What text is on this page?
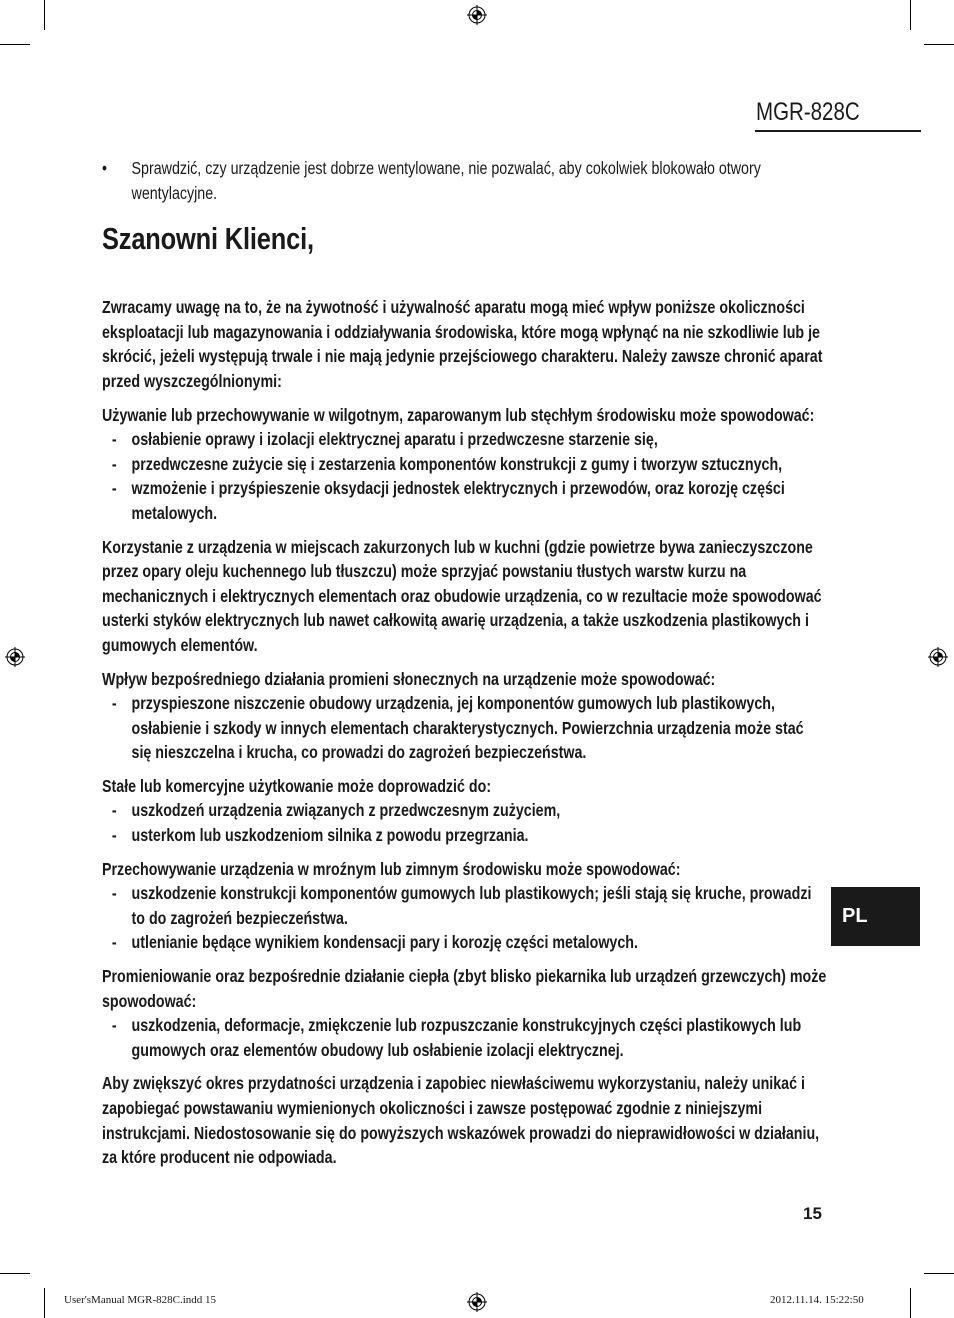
MGR-828C
PL
•	Sprawdzić, czy urządzenie jest dobrze wentylowane, nie pozwalać, aby cokolwiek blokowało otwory wentylacyjne.
Szanowni Klienci,
Zwracamy uwagę na to, że na żywotność i używalność aparatu mogą mieć wpływ poniższe okoliczności eksploatacji lub magazynowania i oddziaływania środowiska, które mogą wpłynąć na nie szkodliwie lub je skrócić, jeżeli występują trwale i nie mają jedynie przejściowego charakteru. Należy zawsze chronić aparat przed wyszczególnionymi:
Używanie lub przechowywanie w wilgotnym, zaparowanym lub stęchłym środowisku może spowodować:
- osłabienie oprawy i izolacji elektrycznej aparatu i przedwczesne starzenie się,
- przedwczesne zużycie się i zestarzenia komponentów konstrukcji z gumy i tworzyw sztucznych,
- wzmożenie i przyśpieszenie oksydacji jednostek elektrycznych i przewodów, oraz korozję części metalowych.
Korzystanie z urządzenia w miejscach zakurzonych lub w kuchni (gdzie powietrze bywa zanieczyszczone przez opary oleju kuchennego lub tłuszczu) może sprzyjać powstaniu tłustych warstw kurzu na mechanicznych i elektrycznych elementach oraz obudowie urządzenia, co w rezultacie może spowodować usterki styków elektrycznych lub nawet całkowitą awarię urządzenia, a także uszkodzenia plastikowych i gumowych elementów.
Wpływ bezpośredniego działania promieni słonecznych na urządzenie może spowodować:
- przyspieszone niszczenie obudowy urządzenia, jej komponentów gumowych lub plastikowych, osłabienie i szkody w innych elementach charakterystycznych. Powierzchnia urządzenia może stać się nieszczelna i krucha, co prowadzi do zagrożeń bezpieczeństwa.
Stałe lub komercyjne użytkowanie może doprowadzić do:
- uszkodzeń urządzenia związanych z przedwczesnym zużyciem,
- usterkom lub uszkodzeniom silnika z powodu przegrzania.
Przechowywanie urządzenia w mroźnym lub zimnym środowisku może spowodować:
- uszkodzenie konstrukcji komponentów gumowych lub plastikowych; jeśli stają się kruche, prowadzi to do zagrożeń bezpieczeństwa.
- utlenianie będące wynikiem kondensacji pary i korozję części metalowych.
Promieniowanie oraz bezpośrednie działanie ciepła (zbyt blisko piekarnika lub urządzeń grzewczych) może spowodować:
- uszkodzenia, deformacje, zmiękczenie lub rozpuszczanie konstrukcyjnych części plastikowych lub gumowych oraz elementów obudowy lub osłabienie izolacji elektrycznej.
Aby zwiększyć okres przydatności urządzenia i zapobiec niewłaściwemu wykorzystaniu, należy unikać i zapobiegać powstawaniu wymienionych okoliczności i zawsze postępować zgodnie z niniejszymi instrukcjami. Niedostosowanie się do powyższych wskazówek prowadzi do nieprawidłowości w działaniu, za które producent nie odpowiada.
15
User'sManual MGR-828C.indd 15	2012.11.14. 15:22:50
